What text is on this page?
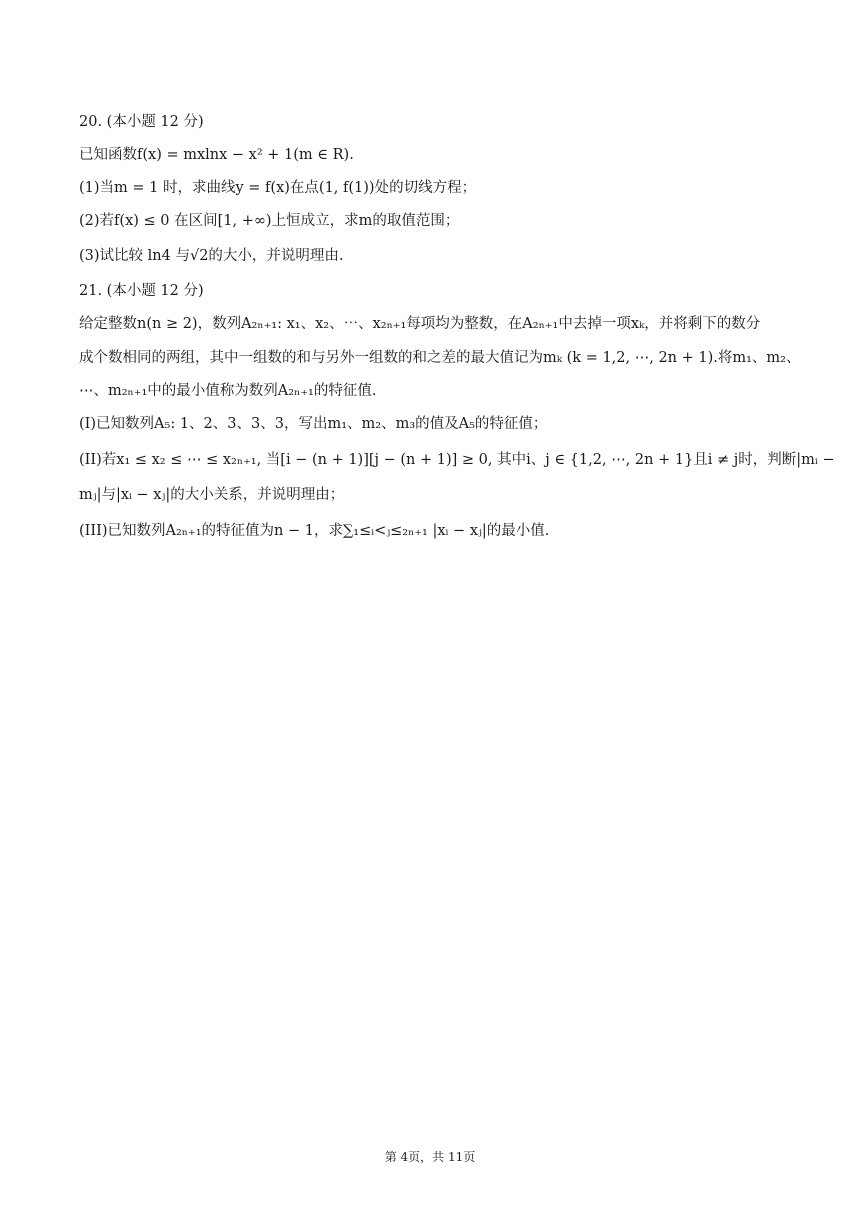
20. (本小题 12 分)
已知函数f(x) = mxlnx − x² + 1(m ∈ R).
(1)当m = 1 时，求曲线y = f(x)在点(1, f(1))处的切线方程；
(2)若f(x) ≤ 0 在区间[1, +∞)上恒成立，求m的取值范围；
(3)试比较 ln4 与√2的大小，并说明理由.
21. (本小题 12 分)
给定整数n(n ≥ 2)，数列A₂ₙ₊₁: x₁、x₂、⋯、x₂ₙ₊₁每项均为整数，在A₂ₙ₊₁中去掉一项xₖ，并将剩下的数分
成个数相同的两组，其中一组数的和与另外一组数的和之差的最大值记为mₖ (k = 1,2, ⋯, 2n + 1).将m₁、m₂、
⋯、m₂ₙ₊₁中的最小值称为数列A₂ₙ₊₁的特征值.
(I)已知数列A₅: 1、2、3、3、3，写出m₁、m₂、m₃的值及A₅的特征值；
(II)若x₁ ≤ x₂ ≤ ⋯ ≤ x₂ₙ₊₁, 当[i − (n + 1)][j − (n + 1)] ≥ 0, 其中i、j ∈ {1,2, ⋯, 2n + 1}且i ≠ j时，判断|mᵢ −
mⱼ|与|xᵢ − xⱼ|的大小关系，并说明理由；
(III)已知数列A₂ₙ₊₁的特征值为n − 1，求∑₁≤ᵢ<ⱼ≤₂ₙ₊₁ |xᵢ − xⱼ|的最小值.
第 4页，共 11页
